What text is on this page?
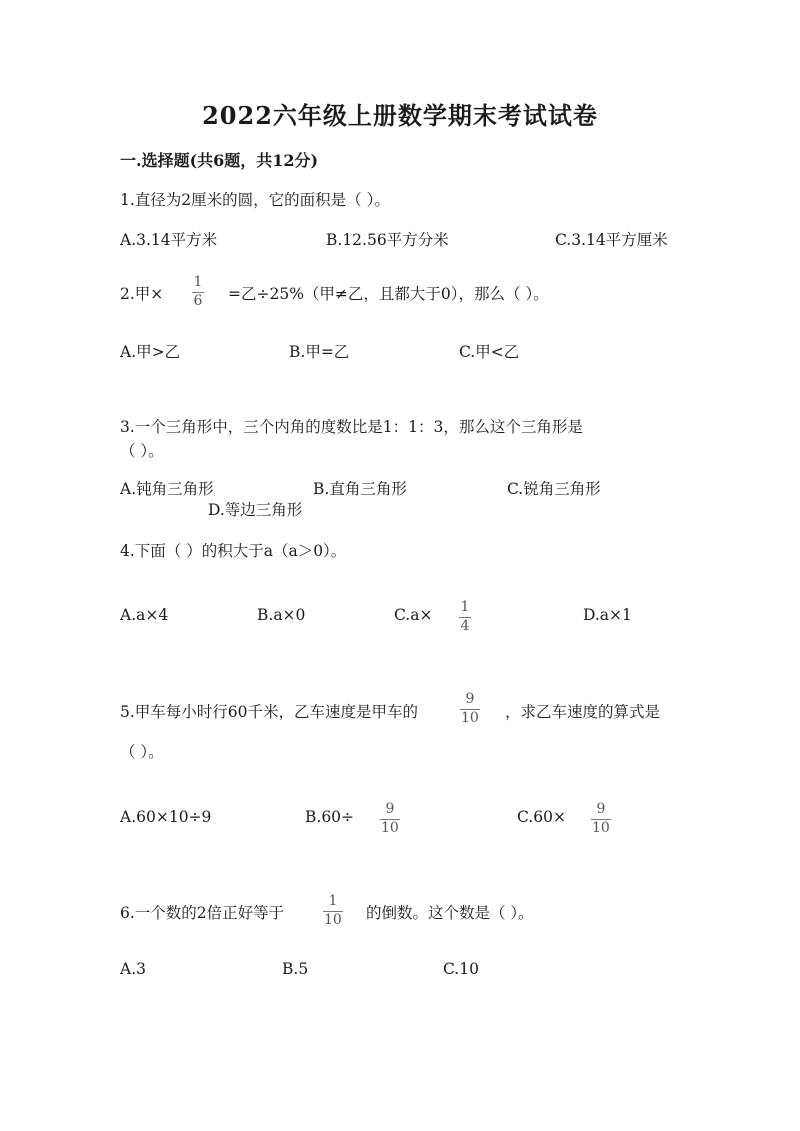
2022六年级上册数学期末考试试卷
一.选择题(共6题，共12分)
1.直径为2厘米的圆，它的面积是（ ）。
A.3.14平方米	B.12.56平方分米	C.3.14平方厘米
2.甲×
1
6 =乙÷25%（甲≠乙，且都大于0），那么（ ）。
A.甲>乙	B.甲=乙	C.甲<乙
3.一个三角形中，三个内角的度数比是1：1：3，那么这个三角形是
（ ）。
A.钝角三角形	B.直角三角形	C.锐角三角形
D.等边三角形
4.下面（ ）的积大于a（a＞0）。
A.a×4	B.a×0	C.a× 1
4
D.a×1
5.甲车每小时行60千米，乙车速度是甲车的
9
10 ，求乙车速度的算式是
（ ）。
A.60×10÷9	B.60÷ 9
10
C.60× 9
10
6.一个数的2倍正好等于
1
10 的倒数。这个数是（ ）。
A.3	B.5	C.10
